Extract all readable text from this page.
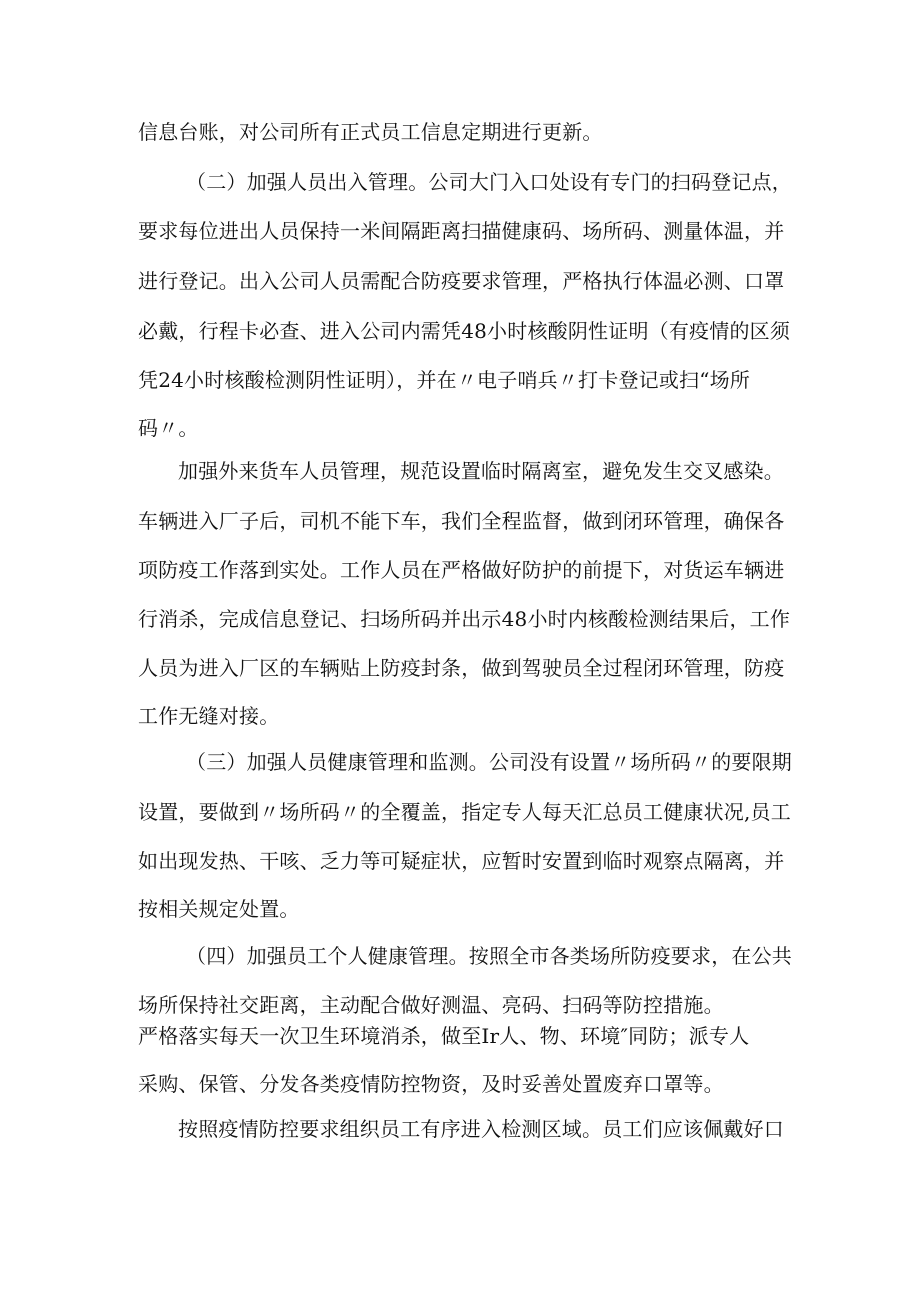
信息台账，对公司所有正式员工信息定期进行更新。
（二）加强人员出入管理。公司大门入口处设有专门的扫码登记点，
要求每位进出人员保持一米间隔距离扫描健康码、场所码、测量体温，并
进行登记。出入公司人员需配合防疫要求管理，严格执行体温必测、口罩
必戴，行程卡必查、进入公司内需凭48小时核酸阴性证明（有疫情的区须
凭24小时核酸检测阴性证明），并在〃电子哨兵〃打卡登记或扫“场所
码〃。
加强外来货车人员管理，规范设置临时隔离室，避免发生交叉感染。
车辆进入厂子后，司机不能下车，我们全程监督，做到闭环管理，确保各
项防疫工作落到实处。工作人员在严格做好防护的前提下，对货运车辆进
行消杀，完成信息登记、扫场所码并出示48小时内核酸检测结果后，工作
人员为进入厂区的车辆贴上防疫封条，做到驾驶员全过程闭环管理，防疫
工作无缝对接。
（三）加强人员健康管理和监测。公司没有设置〃场所码〃的要限期
设置，要做到〃场所码〃的全覆盖，指定专人每天汇总员工健康状况,员工
如出现发热、干咳、乏力等可疑症状，应暂时安置到临时观察点隔离，并
按相关规定处置。
（四）加强员工个人健康管理。按照全市各类场所防疫要求，在公共
场所保持社交距离，主动配合做好测温、亮码、扫码等防控措施。
严格落实每天一次卫生环境消杀，做至Ir人、物、环境″同防；派专人
采购、保管、分发各类疫情防控物资，及时妥善处置废弃口罩等。
按照疫情防控要求组织员工有序进入检测区域。员工们应该佩戴好口
